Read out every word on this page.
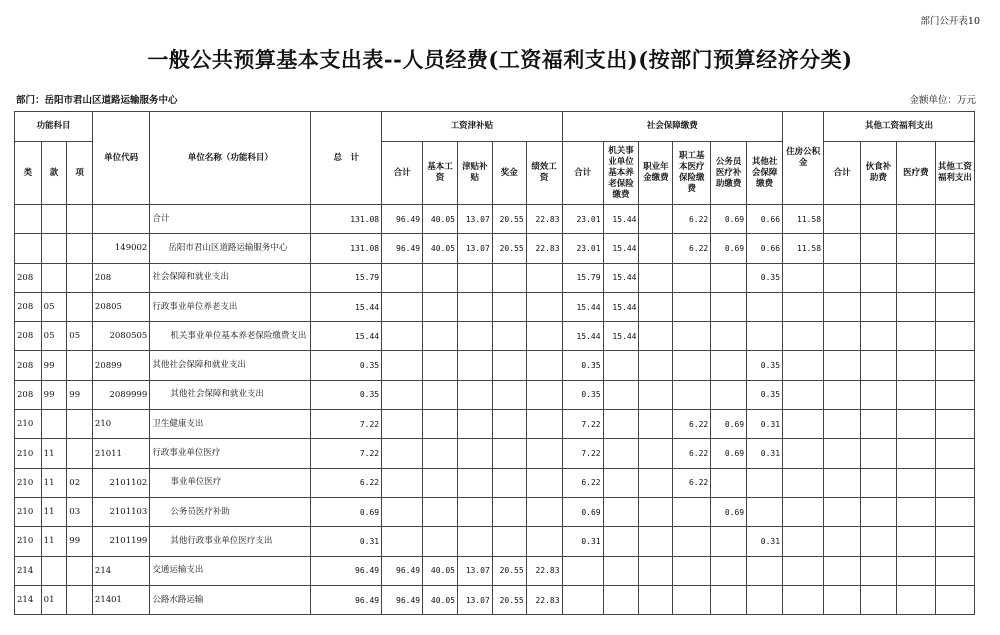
部门公开表10
一般公共预算基本支出表--人员经费(工资福利支出)(按部门预算经济分类)
部门：岳阳市君山区道路运输服务中心	金额单位：万元
功能科目			单位代码	单位名称（功能科目）	总　计	工资津补贴					社会保障缴费						住房公积金	其他工资福利支出			
类	款	项				合计	基本工资	津贴补贴	奖金	绩效工资	合计	机关事业单位基本养老保险缴费	职业年金缴费	职工基本医疗保险缴费	公务员医疗补助缴费	其他社会保障缴费		合计	伙食补助费	医疗费	其他工资福利支出
				合计	131.08	96.49	40.05	13.07	20.55	22.83	23.01	15.44		6.22	0.69	0.66	11.58				
			149002	岳阳市君山区道路运输服务中心	131.08	96.49	40.05	13.07	20.55	22.83	23.01	15.44		6.22	0.69	0.66	11.58				
208			208	社会保障和就业支出	15.79						15.79	15.44				0.35					
208	05		20805	行政事业单位养老支出	15.44						15.44	15.44									
208	05	05	2080505	机关事业单位基本养老保险缴费支出	15.44						15.44	15.44									
208	99		20899	其他社会保障和就业支出	0.35						0.35					0.35					
208	99	99	2089999	其他社会保障和就业支出	0.35						0.35					0.35					
210			210	卫生健康支出	7.22						7.22			6.22	0.69	0.31					
210	11		21011	行政事业单位医疗	7.22						7.22			6.22	0.69	0.31					
210	11	02	2101102	事业单位医疗	6.22						6.22			6.22							
210	11	03	2101103	公务员医疗补助	0.69						0.69				0.69						
210	11	99	2101199	其他行政事业单位医疗支出	0.31						0.31					0.31					
214			214	交通运输支出	96.49	96.49	40.05	13.07	20.55	22.83											
214	01		21401	公路水路运输	96.49	96.49	40.05	13.07	20.55	22.83											
